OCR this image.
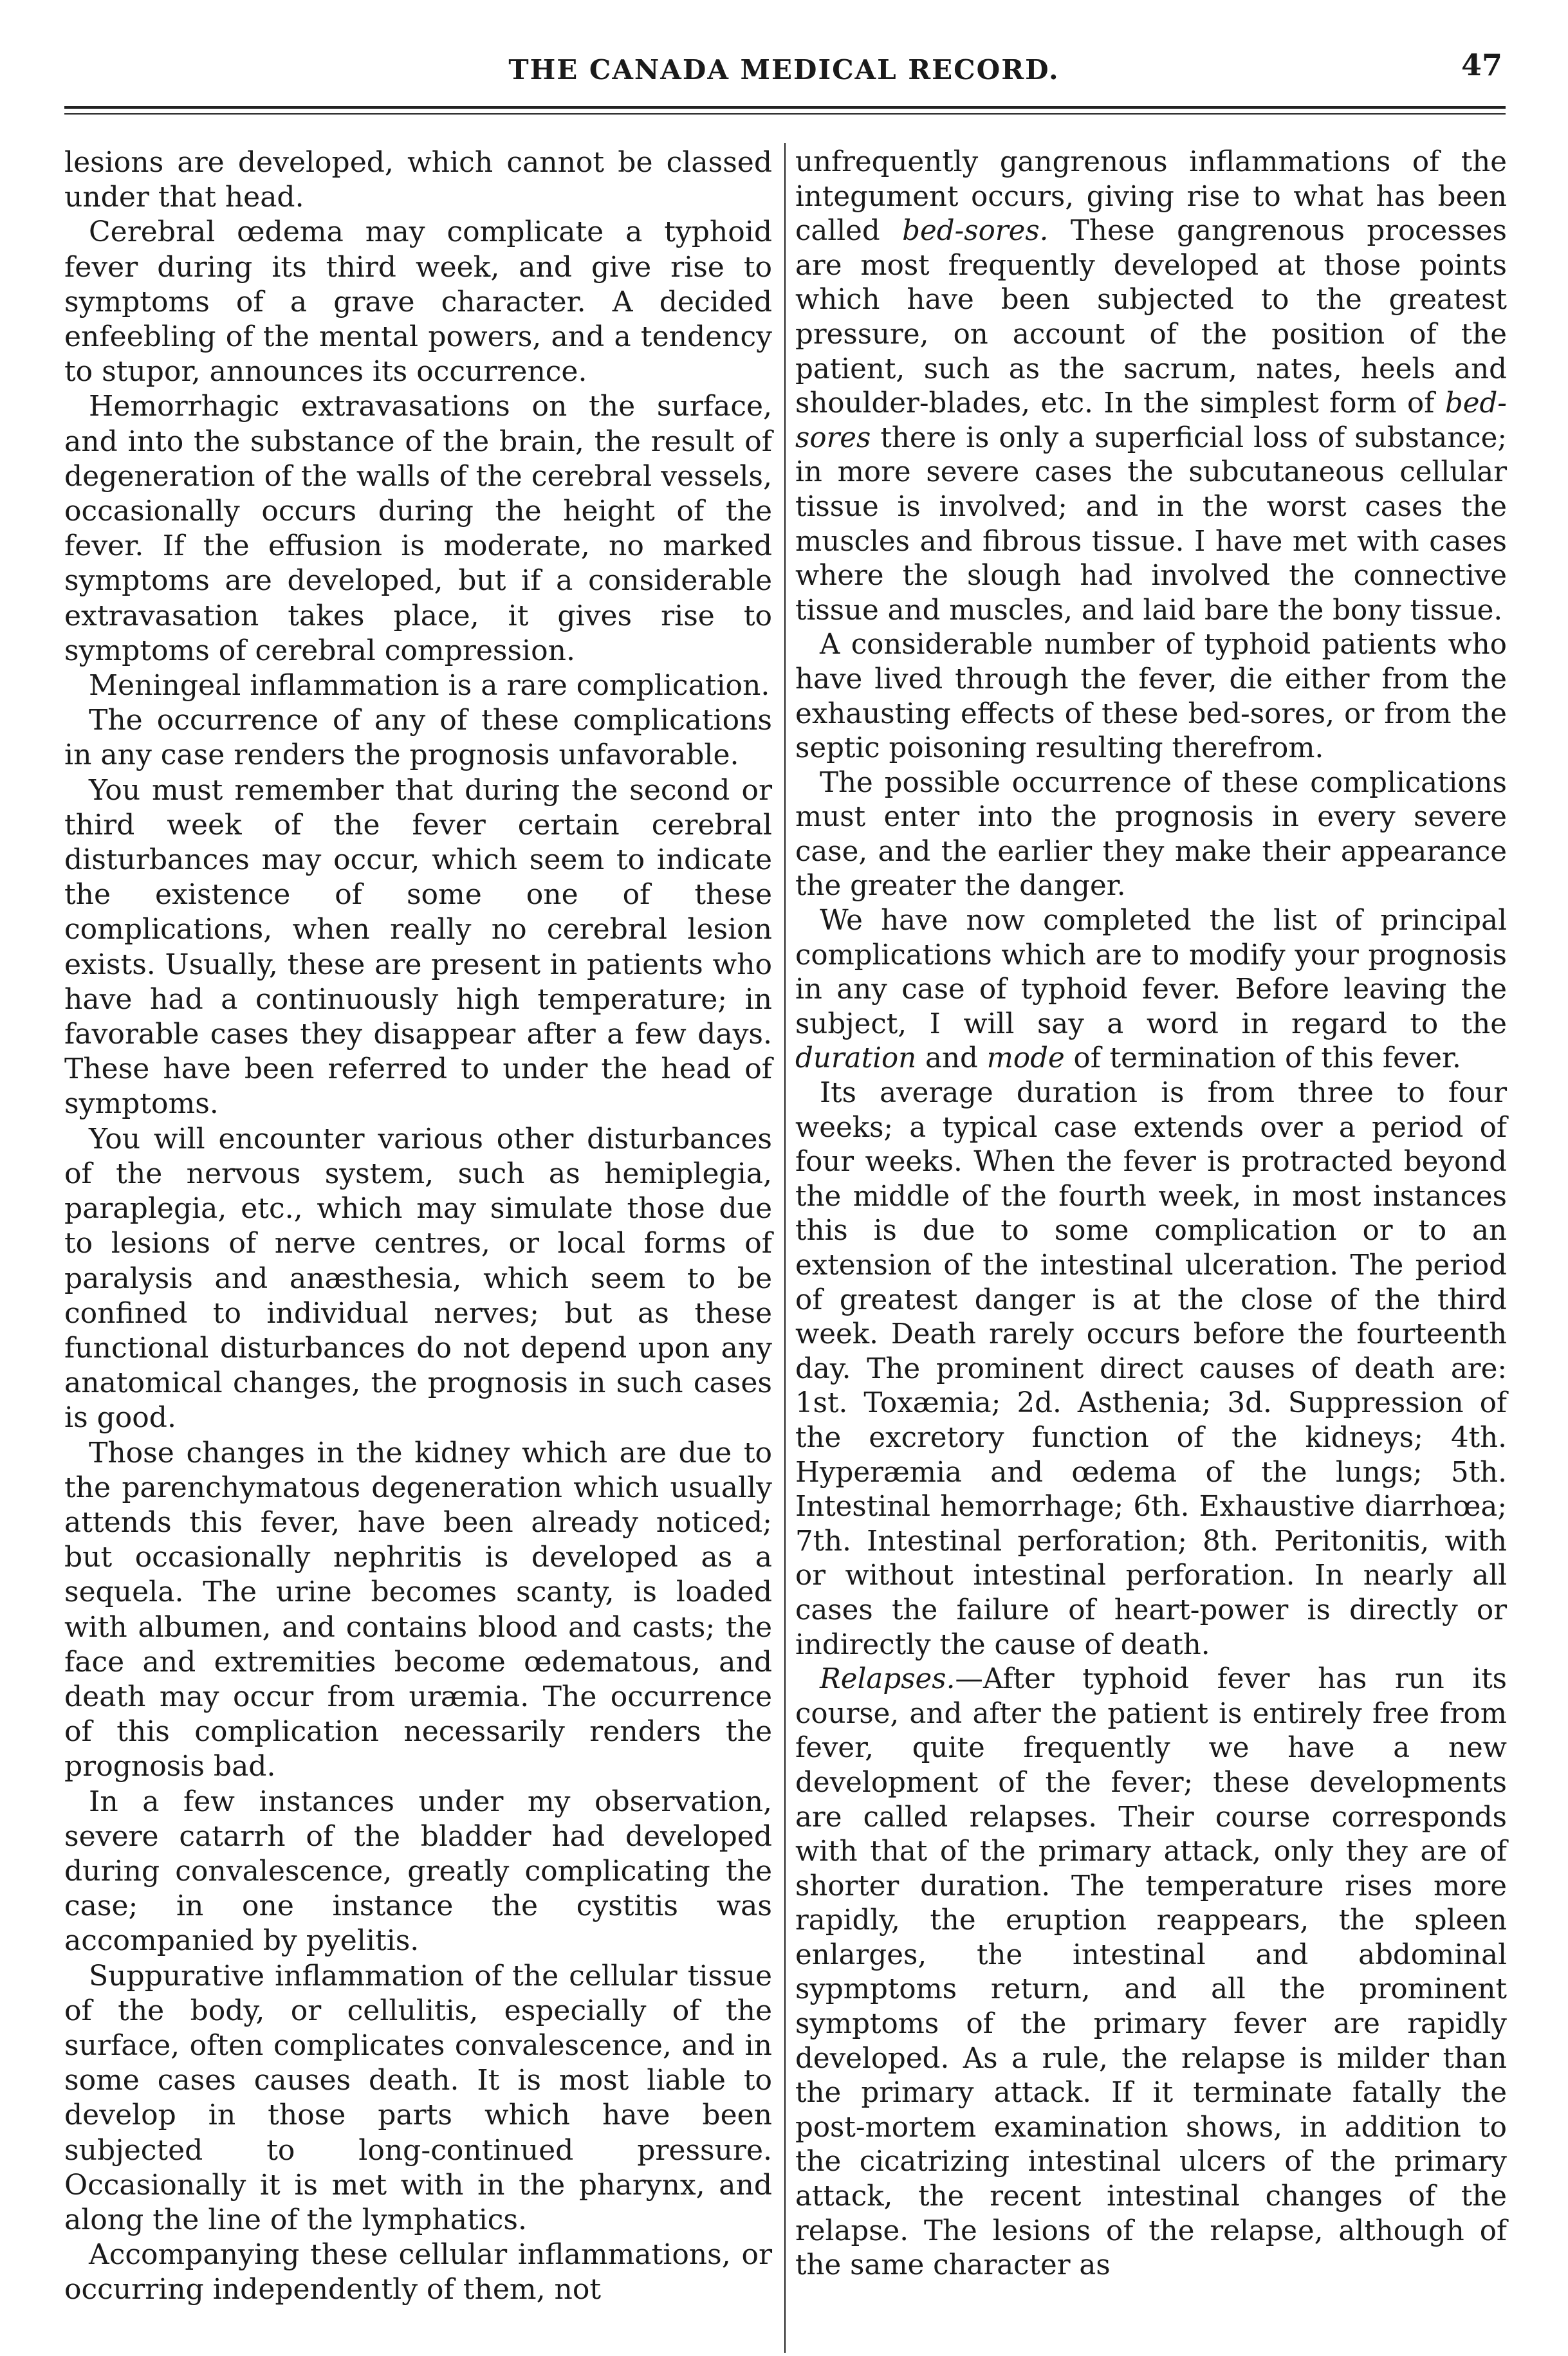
THE CANADA MEDICAL RECORD.	47

lesions are developed, which cannot be classed under that head.

Cerebral œdema may complicate a typhoid fever during its third week, and give rise to symptoms of a grave character. A decided enfeebling of the mental powers, and a tendency to stupor, announces its occurrence.

Hemorrhagic extravasations on the surface, and into the substance of the brain, the result of degeneration of the walls of the cerebral vessels, occasionally occurs during the height of the fever. If the effusion is moderate, no marked symptoms are developed, but if a considerable extravasation takes place, it gives rise to symptoms of cerebral compression.

Meningeal inflammation is a rare complication.

The occurrence of any of these complications in any case renders the prognosis unfavorable.

You must remember that during the second or third week of the fever certain cerebral disturbances may occur, which seem to indicate the existence of some one of these complications, when really no cerebral lesion exists. Usually, these are present in patients who have had a continuously high temperature; in favorable cases they disappear after a few days. These have been referred to under the head of symptoms.

You will encounter various other disturbances of the nervous system, such as hemiplegia, paraplegia, etc., which may simulate those due to lesions of nerve centres, or local forms of paralysis and anæsthesia, which seem to be confined to individual nerves; but as these functional disturbances do not depend upon any anatomical changes, the prognosis in such cases is good.

Those changes in the kidney which are due to the parenchymatous degeneration which usually attends this fever, have been already noticed; but occasionally nephritis is developed as a sequela. The urine becomes scanty, is loaded with albumen, and contains blood and casts; the face and extremities become œdematous, and death may occur from uræmia. The occurrence of this complication necessarily renders the prognosis bad.

In a few instances under my observation, severe catarrh of the bladder had developed during convalescence, greatly complicating the case; in one instance the cystitis was accompanied by pyelitis.

Suppurative inflammation of the cellular tissue of the body, or cellulitis, especially of the surface, often complicates convalescence, and in some cases causes death. It is most liable to develop in those parts which have been subjected to long-continued pressure. Occasionally it is met with in the pharynx, and along the line of the lymphatics.

Accompanying these cellular inflammations, or occurring independently of them, not

unfrequently gangrenous inflammations of the integument occurs, giving rise to what has been called bed-sores. These gangrenous processes are most frequently developed at those points which have been subjected to the greatest pressure, on account of the position of the patient, such as the sacrum, nates, heels and shoulder-blades, etc. In the simplest form of bed-sores there is only a superficial loss of substance; in more severe cases the subcutaneous cellular tissue is involved; and in the worst cases the muscles and fibrous tissue. I have met with cases where the slough had involved the connective tissue and muscles, and laid bare the bony tissue.

A considerable number of typhoid patients who have lived through the fever, die either from the exhausting effects of these bed-sores, or from the septic poisoning resulting therefrom.

The possible occurrence of these complications must enter into the prognosis in every severe case, and the earlier they make their appearance the greater the danger.

We have now completed the list of principal complications which are to modify your prognosis in any case of typhoid fever. Before leaving the subject, I will say a word in regard to the duration and mode of termination of this fever.

Its average duration is from three to four weeks; a typical case extends over a period of four weeks. When the fever is protracted beyond the middle of the fourth week, in most instances this is due to some complication or to an extension of the intestinal ulceration. The period of greatest danger is at the close of the third week. Death rarely occurs before the fourteenth day. The prominent direct causes of death are: 1st. Toxæmia; 2d. Asthenia; 3d. Suppression of the excretory function of the kidneys; 4th. Hyperæmia and œdema of the lungs; 5th. Intestinal hemorrhage; 6th. Exhaustive diarrhœa; 7th. Intestinal perforation; 8th. Peritonitis, with or without intestinal perforation. In nearly all cases the failure of heart-power is directly or indirectly the cause of death.

Relapses.—After typhoid fever has run its course, and after the patient is entirely free from fever, quite frequently we have a new development of the fever; these developments are called relapses. Their course corresponds with that of the primary attack, only they are of shorter duration. The temperature rises more rapidly, the eruption reappears, the spleen enlarges, the intestinal and abdominal sypmptoms return, and all the prominent symptoms of the primary fever are rapidly developed. As a rule, the relapse is milder than the primary attack. If it terminate fatally the post-mortem examination shows, in addition to the cicatrizing intestinal ulcers of the primary attack, the recent intestinal changes of the relapse. The lesions of the relapse, although of the same character as
